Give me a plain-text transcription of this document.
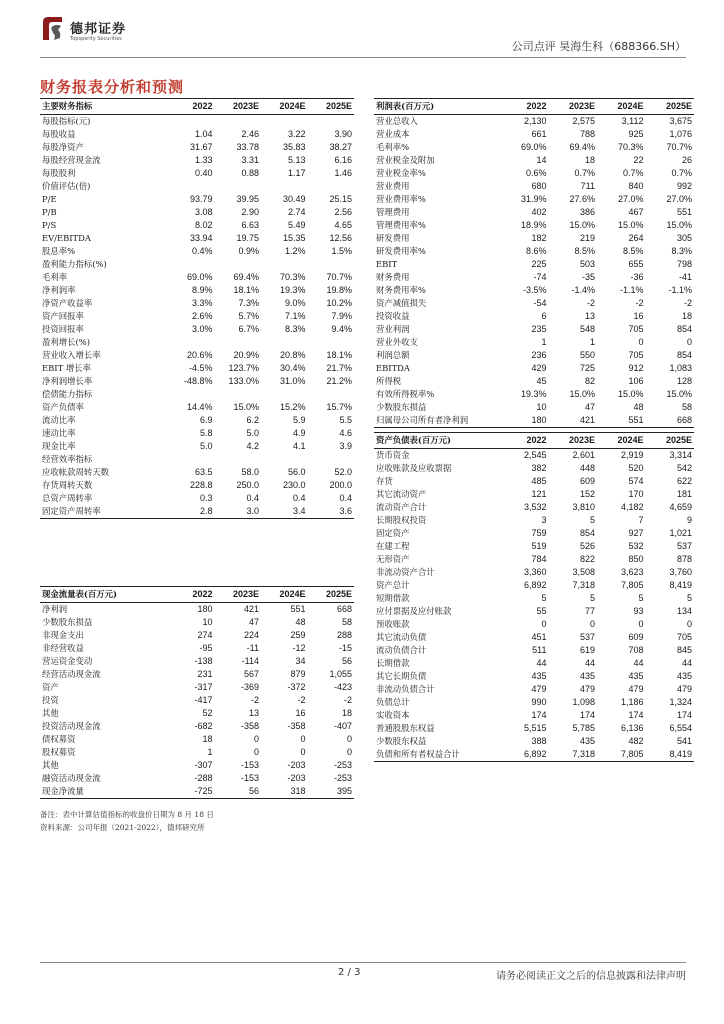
德邦证券
Topsperity Securities
公司点评 昊海生科（688366.SH）
财务报表分析和预测
主要财务指标	2022	2023E	2024E	2025E
每股指标(元)				
每股收益	1.04	2.46	3.22	3.90
每股净资产	31.67	33.78	35.83	38.27
每股经营现金流	1.33	3.31	5.13	6.16
每股股利	0.40	0.88	1.17	1.46
价值评估(倍)				
P/E	93.79	39.95	30.49	25.15
P/B	3.08	2.90	2.74	2.56
P/S	8.02	6.63	5.49	4.65
EV/EBITDA	33.94	19.75	15.35	12.56
股息率%	0.4%	0.9%	1.2%	1.5%
盈利能力指标(%)				
毛利率	69.0%	69.4%	70.3%	70.7%
净利润率	8.9%	18.1%	19.3%	19.8%
净资产收益率	3.3%	7.3%	9.0%	10.2%
资产回报率	2.6%	5.7%	7.1%	7.9%
投资回报率	3.0%	6.7%	8.3%	9.4%
盈利增长(%)				
营业收入增长率	20.6%	20.9%	20.8%	18.1%
EBIT 增长率	-4.5%	123.7%	30.4%	21.7%
净利润增长率	-48.8%	133.0%	31.0%	21.2%
偿债能力指标				
资产负债率	14.4%	15.0%	15.2%	15.7%
流动比率	6.9	6.2	5.9	5.5
速动比率	5.8	5.0	4.9	4.6
现金比率	5.0	4.2	4.1	3.9
经营效率指标				
应收帐款周转天数	63.5	58.0	56.0	52.0
存货周转天数	228.8	250.0	230.0	200.0
总资产周转率	0.3	0.4	0.4	0.4
固定资产周转率	2.8	3.0	3.4	3.6
利润表(百万元)	2022	2023E	2024E	2025E
营业总收入	2,130	2,575	3,112	3,675
营业成本	661	788	925	1,076
毛利率%	69.0%	69.4%	70.3%	70.7%
营业税金及附加	14	18	22	26
营业税金率%	0.6%	0.7%	0.7%	0.7%
营业费用	680	711	840	992
营业费用率%	31.9%	27.6%	27.0%	27.0%
管理费用	402	386	467	551
管理费用率%	18.9%	15.0%	15.0%	15.0%
研发费用	182	219	264	305
研发费用率%	8.6%	8.5%	8.5%	8.3%
EBIT	225	503	655	798
财务费用	-74	-35	-36	-41
财务费用率%	-3.5%	-1.4%	-1.1%	-1.1%
资产减值损失	-54	-2	-2	-2
投资收益	6	13	16	18
营业利润	235	548	705	854
营业外收支	1	1	0	0
利润总额	236	550	705	854
EBITDA	429	725	912	1,083
所得税	45	82	106	128
有效所得税率%	19.3%	15.0%	15.0%	15.0%
少数股东损益	10	47	48	58
归属母公司所有者净利润	180	421	551	668
资产负债表(百万元)	2022	2023E	2024E	2025E
货币资金	2,545	2,601	2,919	3,314
应收账款及应收票据	382	448	520	542
存货	485	609	574	622
其它流动资产	121	152	170	181
流动资产合计	3,532	3,810	4,182	4,659
长期股权投资	3	5	7	9
固定资产	759	854	927	1,021
在建工程	519	526	532	537
无形资产	784	822	850	878
非流动资产合计	3,360	3,508	3,623	3,760
资产总计	6,892	7,318	7,805	8,419
短期借款	5	5	5	5
应付票据及应付账款	55	77	93	134
预收账款	0	0	0	0
其它流动负债	451	537	609	705
流动负债合计	511	619	708	845
长期借款	44	44	44	44
其它长期负债	435	435	435	435
非流动负债合计	479	479	479	479
负债总计	990	1,098	1,186	1,324
实收资本	174	174	174	174
普通股股东权益	5,515	5,785	6,136	6,554
少数股东权益	388	435	482	541
负债和所有者权益合计	6,892	7,318	7,805	8,419
现金流量表(百万元)	2022	2023E	2024E	2025E
净利润	180	421	551	668
少数股东损益	10	47	48	58
非现金支出	274	224	259	288
非经营收益	-95	-11	-12	-15
营运资金变动	-138	-114	34	56
经营活动现金流	231	567	879	1,055
资产	-317	-369	-372	-423
投资	-417	-2	-2	-2
其他	52	13	16	18
投资活动现金流	-682	-358	-358	-407
债权募资	18	0	0	0
股权募资	1	0	0	0
其他	-307	-153	-203	-253
融资活动现金流	-288	-153	-203	-253
现金净流量	-725	56	318	395
备注：表中计算估值指标的收盘价日期为 8 月 18 日
资料来源：公司年报（2021-2022），德邦研究所
2 / 3	请务必阅读正文之后的信息披露和法律声明
